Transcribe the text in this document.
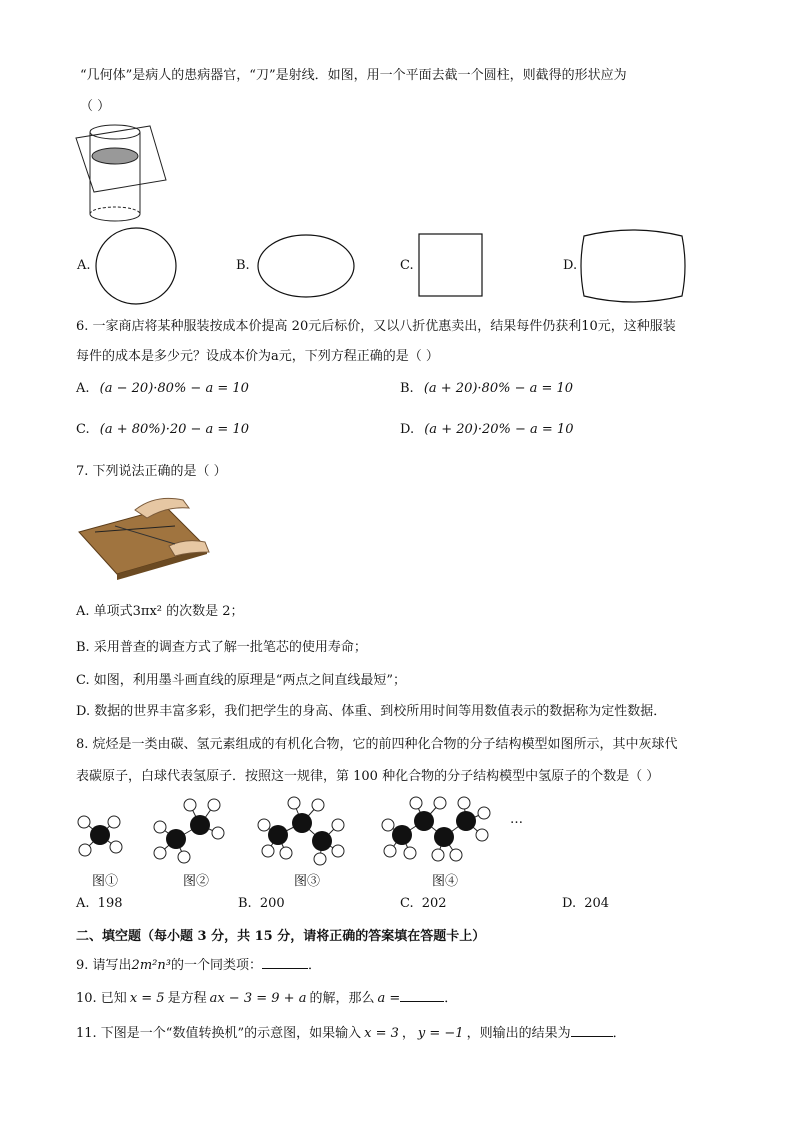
“几何体”是病人的患病器官，“刀”是射线．如图，用一个平面去截一个圆柱，则截得的形状应为
（ ）
A.	B.	C.	D.
6. 一家商店将某种服装按成本价提高 20元后标价，又以八折优惠卖出，结果每件仍获利10元，这种服装
每件的成本是多少元？设成本价为a元，下列方程正确的是（ ）
A. (a − 20)·80% − a = 10	B. (a + 20)·80% − a = 10
C. (a + 80%)·20 − a = 10	D. (a + 20)·20% − a = 10
7. 下列说法正确的是（ ）
A. 单项式3πx² 的次数是 2；
B. 采用普查的调查方式了解一批笔芯的使用寿命；
C. 如图，利用墨斗画直线的原理是“两点之间直线最短”；
D. 数据的世界丰富多彩，我们把学生的身高、体重、到校所用时间等用数值表示的数据称为定性数据．
8. 烷烃是一类由碳、氢元素组成的有机化合物，它的前四种化合物的分子结构模型如图所示，其中灰球代
表碳原子，白球代表氢原子．按照这一规律，第 100 种化合物的分子结构模型中氢原子的个数是（ ）
…
图①	图②	图③	图④
A. 198	B. 200	C. 202	D. 204
二、填空题（每小题 3 分，共 15 分，请将正确的答案填在答题卡上）
9. 请写出2m²n³的一个同类项：	．
10. 已知 x = 5 是方程 ax − 3 = 9 + a 的解，那么 a =	．
11. 下图是一个“数值转换机”的示意图，如果输入 x = 3 ， y = −1 ，则输出的结果为	．
